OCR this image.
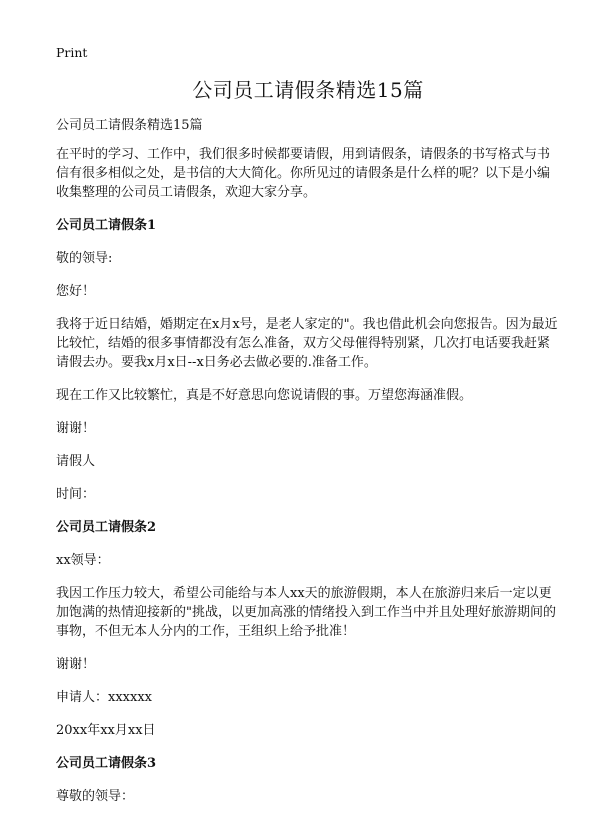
Print
公司员工请假条精选15篇
公司员工请假条精选15篇
在平时的学习、工作中，我们很多时候都要请假，用到请假条，请假条的书写格式与书信有很多相似之处，是书信的大大简化。你所见过的请假条是什么样的呢？以下是小编收集整理的公司员工请假条，欢迎大家分享。
公司员工请假条1
敬的领导:
您好！
我将于近日结婚，婚期定在x月x号，是老人家定的"。我也借此机会向您报告。因为最近比较忙，结婚的很多事情都没有怎么准备，双方父母催得特别紧，几次打电话要我赶紧请假去办。要我x月x日--x日务必去做必要的.准备工作。
现在工作又比较繁忙，真是不好意思向您说请假的事。万望您海涵准假。
谢谢！
请假人
时间：
公司员工请假条2
xx领导：
我因工作压力较大，希望公司能给与本人xx天的旅游假期，本人在旅游归来后一定以更加饱满的热情迎接新的"挑战，以更加高涨的情绪投入到工作当中并且处理好旅游期间的事物，不但无本人分内的工作，王组织上给予批准！
谢谢！
申请人：xxxxxx
20xx年xx月xx日
公司员工请假条3
尊敬的领导：
